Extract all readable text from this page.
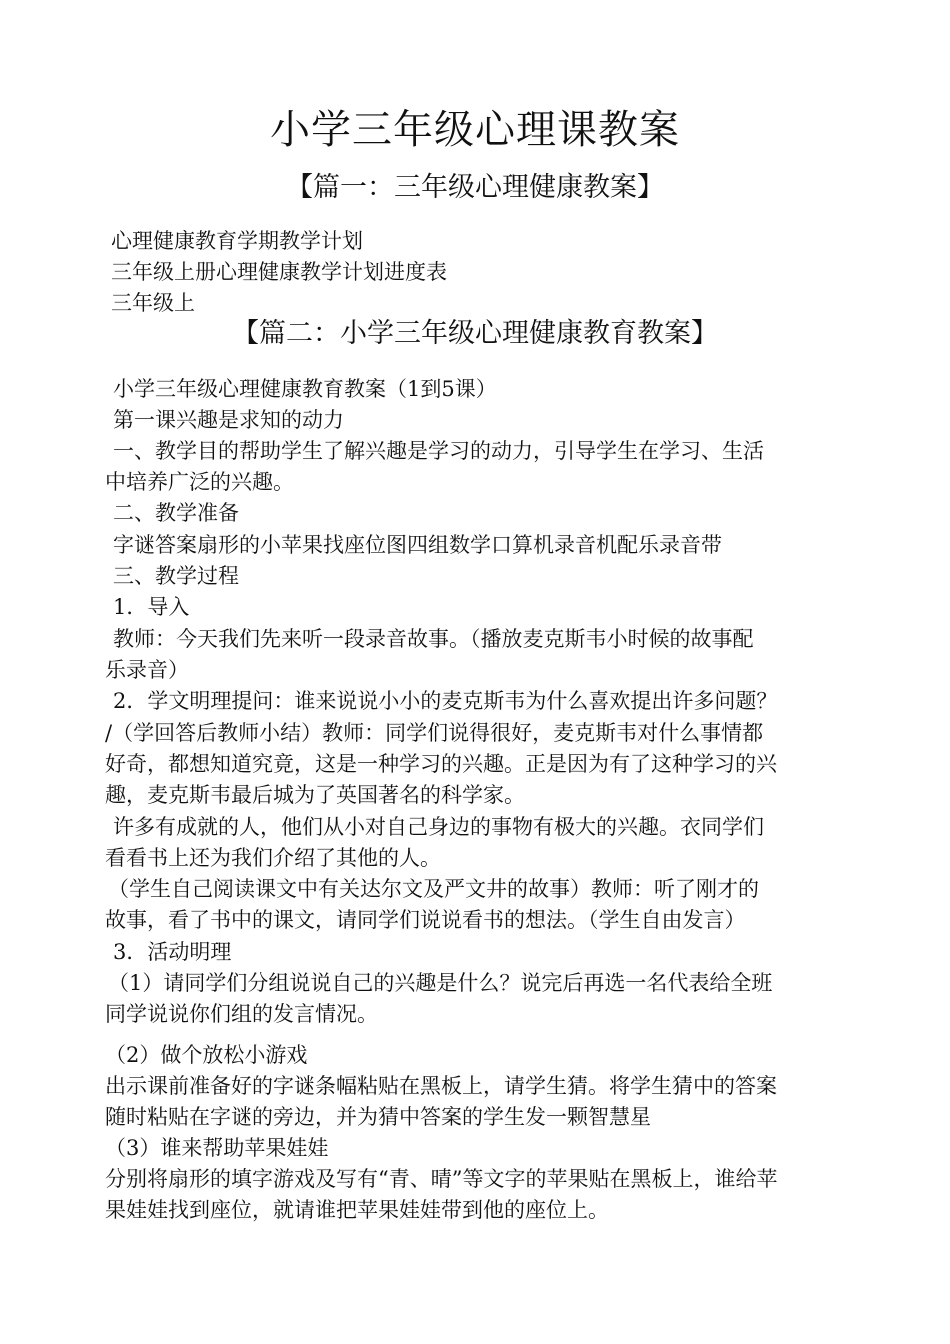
小学三年级心理课教案
【篇一：三年级心理健康教案】
心理健康教育学期教学计划
三年级上册心理健康教学计划进度表
三年级上
【篇二：小学三年级心理健康教育教案】
小学三年级心理健康教育教案（1到5课）
第一课兴趣是求知的动力
一、教学目的帮助学生了解兴趣是学习的动力，引导学生在学习、生活
中培养广泛的兴趣。
二、教学准备
字谜答案扇形的小苹果找座位图四组数学口算机录音机配乐录音带
三、教学过程
1．导入
教师：今天我们先来听一段录音故事。（播放麦克斯韦小时候的故事配
乐录音）
2．学文明理提问：谁来说说小小的麦克斯韦为什么喜欢提出许多问题？
/（学回答后教师小结）教师：同学们说得很好，麦克斯韦对什么事情都
好奇，都想知道究竟，这是一种学习的兴趣。正是因为有了这种学习的兴
趣，麦克斯韦最后城为了英国著名的科学家。
许多有成就的人，他们从小对自己身边的事物有极大的兴趣。衣同学们
看看书上还为我们介绍了其他的人。
（学生自己阅读课文中有关达尔文及严文井的故事）教师：听了刚才的
故事，看了书中的课文，请同学们说说看书的想法。（学生自由发言）
3．活动明理
（1）请同学们分组说说自己的兴趣是什么？说完后再选一名代表给全班
同学说说你们组的发言情况。
（2）做个放松小游戏
出示课前准备好的字谜条幅粘贴在黑板上，请学生猜。将学生猜中的答案
随时粘贴在字谜的旁边，并为猜中答案的学生发一颗智慧星
（3）谁来帮助苹果娃娃
分别将扇形的填字游戏及写有“青、晴”等文字的苹果贴在黑板上，谁给苹
果娃娃找到座位，就请谁把苹果娃娃带到他的座位上。
